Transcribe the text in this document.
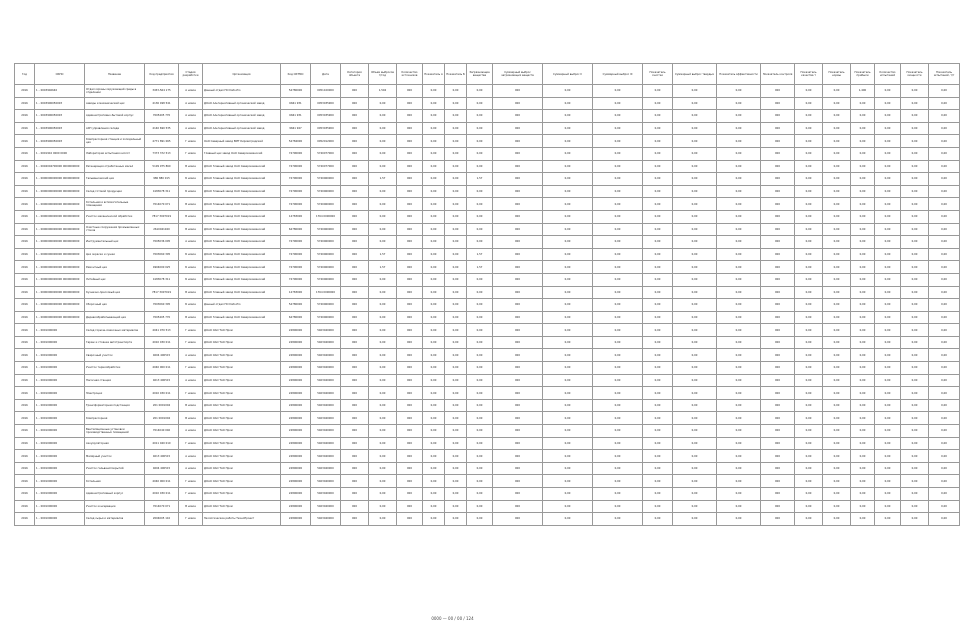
Год	ОКПО	Название	Код предприятия	Стадия разработки	Организация	Код ОКТМО	Дата	Категория объекта	Объем выбросов т/год	Количество источников	Показатель А	Показатель Б	Загрязняющие вещества	Суммарный выброс загрязняющих веществ	Суммарный выброс II	Суммарный выброс III	Показатель очистки	Суммарный выброс твердых	Показатель эффективности	Показатель контроля	Показатель качества т	Показатель нормы	Показатель прибыли	Количество испытаний	Показатель мощности	Показатель испытаний, т/т
2016	1 – 0003940640	Отдел охраны окружающей среды в отделении	3453-564 175	А новое	Данный отдел ПО Dato-Pro	54780000	0051100000	000	1,504	000	0,00	0,00	0,00	000	0,00	0,00	0,00	0,00	0,00	000	0,00	0,00	1,400	0,00	0,00	0,00
2016	1 – 0003900050003	заводы и механический цех	4136 498 541	А новое	ДОАО Альтернативный органический завод	6661 931	0053035900	000	0,00	000	0,00	0,00	0,00	000	0,00	0,00	0,00	0,00	0,00	000	0,00	0,00	0,00	0,00	0,00	0,00
2016	1 – 0003900050003	Административно-бытовой корпус	7005405 770	А новое	ДОАО Альтернативный органический завод	6661 931	0053035900	000	0,00	000	0,00	0,00	0,00	000	0,00	0,00	0,00	0,00	0,00	000	0,00	0,00	0,00	0,00	0,00	0,00
2016	1 – 0003900050003	АХП управления склада	4140 690 535	А новое	ДОАО Альтернативный органический завод	9661 947	0053035900	000	0,00	000	0,00	0,00	0,00	000	0,00	0,00	0,00	0,00	0,00	000	0,00	0,00	0,00	0,00	0,00	0,00
2016	1 – 0003900050003	Компрессорная станция и холодильный цех	4771 891 065	Г новое	ОАО Северный завод ВМТ Кировоградский	54784000	0052012000	000	0,00	000	0,00	0,00	0,00	000	0,00	0,00	0,00	0,00	0,00	000	0,00	0,00	0,00	0,00	0,00	0,00
2016	1 – 0001910 0000 0000	Лаборатория испытания кислот	7373 372 513	Г новое	Главный цех завод ОАО Северокаменский	74790000	5740077000	000	0,00	000	0,00	0,00	0,00	000	0,00	0,00	0,00	0,00	0,00	000	0,00	0,00	0,00	0,00	0,00	0,00
2016	1 – 0094004700000 0000000000	Регенерация отработанных масел	5109 975 860	В новое	ДОАО Главный завод ОАО Северокаменский	74790000	5740077000	000	0,00	000	0,00	0,00	0,00	000	0,00	0,00	0,00	0,00	0,00	000	0,00	0,00	0,00	0,00	0,00	0,00
2016	1 – 0000000000000 0000000000	Гальванический цех	980 880 015	Б новое	ДОАО Главный завод ОАО Северокаменский	74790000	5740060000	000	1,57	000	0,00	0,00	1,57	000	0,00	0,00	0,00	0,00	0,00	000	0,00	0,00	0,00	0,00	0,00	0,00
2016	1 – 0000000000000 0000000000	Склад готовой продукции	4183078 311	Б новое	ДОАО Главный завод ОАО Северокаменский	74790000	5740060000	000	0,00	000	0,00	0,00	0,00	000	0,00	0,00	0,00	0,00	0,00	000	0,00	0,00	0,00	0,00	0,00	0,00
2016	1 – 0000000000000 0000000000	Котельная и вспомогательные помещения	7014070 071	В новое	ДОАО Главный завод ОАО Северокаменский	74790000	5740060000	000	0,00	000	0,00	0,00	0,00	000	0,00	0,00	0,00	0,00	0,00	000	0,00	0,00	0,00	0,00	0,00	0,00
2016	1 – 0000000000000 0000000000	Участок механической обработки	7817 3007019	В новое	ДОАО Главный завод ОАО Северокаменский	14783000	1764 0000000	000	0,00	000	0,00	0,00	0,00	000	0,00	0,00	0,00	0,00	0,00	000	0,00	0,00	0,00	0,00	0,00	0,00
2016	1 – 0000000000000 0000000000	Очистные сооружения промышленных стоков	2610041040	В новое	ДОАО Главный завод ОАО Северокаменский	64780000	5740060000	000	0,00	000	0,00	0,00	0,00	000	0,00	0,00	0,00	0,00	0,00	000	0,00	0,00	0,00	0,00	0,00	0,00
2016	1 – 0000000000000 0000000000	Инструментальный цех	7005036 005	А новое	ДОАО Главный завод ОАО Северокаменский	74790000	5740060000	000	0,00	000	0,00	0,00	0,00	000	0,00	0,00	0,00	0,00	0,00	000	0,00	0,00	0,00	0,00	0,00	0,00
2016	1 – 0000000000000 0000000000	Цех окраски и сушки	7003060 305	Б новое	ДОАО Главный завод ОАО Северокаменский	74790000	5740060000	000	1,57	000	0,00	0,00	1,57	000	0,00	0,00	0,00	0,00	0,00	000	0,00	0,00	0,00	0,00	0,00	0,00
2016	1 – 0000000000000 0000000000	Ремонтный цех	4904000 025	Б новое	ДОАО Главный завод ОАО Северокаменский	74790000	5740060000	000	1,57	000	0,00	0,00	1,57	000	0,00	0,00	0,00	0,00	0,00	000	0,00	0,00	0,00	0,00	0,00	0,00
2016	1 – 0000000000000 0000000000	Литейный цех	4183078 311	Б новое	ДОАО Главный завод ОАО Северокаменский	74790000	5740060000	000	0,00	000	0,00	0,00	0,00	000	0,00	0,00	0,00	0,00	0,00	000	0,00	0,00	0,00	0,00	0,00	0,00
2016	1 – 0000000000000 0000000000	Кузнечно-прессовый цех	7817 3007019	В новое	ДОАО Главный завод ОАО Северокаменский	14783000	1764 0000000	000	0,00	000	0,00	0,00	0,00	000	0,00	0,00	0,00	0,00	0,00	000	0,00	0,00	0,00	0,00	0,00	0,00
2016	1 – 0000000000000 0000000000	Сборочный цех	7003060 305	Б новое	Данный отдел ПО Dato-Pro	54780000	5740060000	000	0,00	000	0,00	0,00	0,00	000	0,00	0,00	0,00	0,00	0,00	000	0,00	0,00	0,00	0,00	0,00	0,00
2016	1 – 0000000000000 0000000000	Деревообрабатывающий цех	7005405 770	В новое	ДОАО Главный завод ОАО Северокаменский	64780000	5740060000	000	0,00	000	0,00	0,00	0,00	000	0,00	0,00	0,00	0,00	0,00	000	0,00	0,00	0,00	0,00	0,00	0,00
2016	1 – 0001000000	Склад горюче-смазочных материалов	4041 070 513	Г новое	ДОАО ОАО ТАО Пром	24800000	5403040000	000	0,00	000	0,00	0,00	0,00	000	0,00	0,00	0,00	0,00	0,00	000	0,00	0,00	0,00	0,00	0,00	0,00
2016	1 – 0001000000	Гараж и стоянка автотранспорта	4010 030 011	Г новое	ДОАО ОАО ТАО Пром	24800000	5403040000	000	0,00	000	0,00	0,00	0,00	000	0,00	0,00	0,00	0,00	0,00	000	0,00	0,00	0,00	0,00	0,00	0,00
2016	1 – 0001000000	Сварочный участок	4004 400515	А новое	ДОАО ОАО ТАО Пром	24800000	5403040000	000	0,00	000	0,00	0,00	0,00	000	0,00	0,00	0,00	0,00	0,00	000	0,00	0,00	0,00	0,00	0,00	0,00
2016	1 – 0001000000	Участок термообработки	4040 000 011	Г новое	ДОАО ОАО ТАО Пром	24800000	5403040000	000	0,00	000	0,00	0,00	0,00	000	0,00	0,00	0,00	0,00	0,00	000	0,00	0,00	0,00	0,00	0,00	0,00
2016	1 – 0001000000	Насосная станция	4013 400515	А новое	ДОАО ОАО ТАО Пром	24800000	5403040000	000	0,00	000	0,00	0,00	0,00	000	0,00	0,00	0,00	0,00	0,00	000	0,00	0,00	0,00	0,00	0,00	0,00
2016	1 – 0001000000	Электроцех	4010 030 011	Г новое	ДОАО ОАО ТАО Пром	24800000	5403040000	000	0,00	000	0,00	0,00	0,00	000	0,00	0,00	0,00	0,00	0,00	000	0,00	0,00	0,00	0,00	0,00	0,00
2016	1 – 0001000000	Трансформаторная подстанция	201 0001004	В новое	ДОАО ОАО ТАО Пром	24800000	5403040000	000	0,00	000	0,00	0,00	0,00	000	0,00	0,00	0,00	0,00	0,00	000	0,00	0,00	0,00	0,00	0,00	0,00
2016	1 – 0001000000	Компрессорная	201 0001004	В новое	ДОАО ОАО ТАО Пром	24800000	5403040000	000	0,00	000	0,00	0,00	0,00	000	0,00	0,00	0,00	0,00	0,00	000	0,00	0,00	0,00	0,00	0,00	0,00
2016	1 – 0001000000	Вентиляционные установки производственных помещений	7014040 040	А новое	ДОАО ОАО ТАО Пром	24800000	5403040000	000	0,00	000	0,00	0,00	0,00	000	0,00	0,00	0,00	0,00	0,00	000	0,00	0,00	0,00	0,00	0,00	0,00
2016	1 – 0001000000	Аккумуляторная	4011 040 010	Г новое	ДОАО ОАО ТАО Пром	24800000	5403040000	000	0,00	000	0,00	0,00	0,00	000	0,00	0,00	0,00	0,00	0,00	000	0,00	0,00	0,00	0,00	0,00	0,00
2016	1 – 0001000000	Малярный участок	4013 400515	А новое	ДОАО ОАО ТАО Пром	24800000	5403040000	000	0,00	000	0,00	0,00	0,00	000	0,00	0,00	0,00	0,00	0,00	000	0,00	0,00	0,00	0,00	0,00	0,00
2016	1 – 0001000000	Участок гальванопокрытий	4004 400515	А новое	ДОАО ОАО ТАО Пром	24800000	5403040000	000	0,00	000	0,00	0,00	0,00	000	0,00	0,00	0,00	0,00	0,00	000	0,00	0,00	0,00	0,00	0,00	0,00
2016	1 – 0001000000	Котельная	4040 000 011	Г новое	ДОАО ОАО ТАО Пром	24800000	5403040000	000	0,00	000	0,00	0,00	0,00	000	0,00	0,00	0,00	0,00	0,00	000	0,00	0,00	0,00	0,00	0,00	0,00
2016	1 – 0001000000	Административный корпус	4010 030 011	Г новое	ДОАО ОАО ТАО Пром	24800000	5403040000	000	0,00	000	0,00	0,00	0,00	000	0,00	0,00	0,00	0,00	0,00	000	0,00	0,00	0,00	0,00	0,00	0,00
2016	1 – 0001000000	Участок консервации	7014070 071	В новое	ДОАО ОАО ТАО Пром	24800000	5403040000	000	0,00	000	0,00	0,00	0,00	000	0,00	0,00	0,00	0,00	0,00	000	0,00	0,00	0,00	0,00	0,00	0,00
2016	1 – 0001000000	Склад сырья и материалов	2004005 110	Г новое	Экологические работы ТехноПроект	24800000	5403040000	000	0,00	000	0,00	0,00	0,00	000	0,00	0,00	0,00	0,00	0,00	000	0,00	0,00	0,00	0,00	0,00	0,00
0000 — 00 / 00 / 124
